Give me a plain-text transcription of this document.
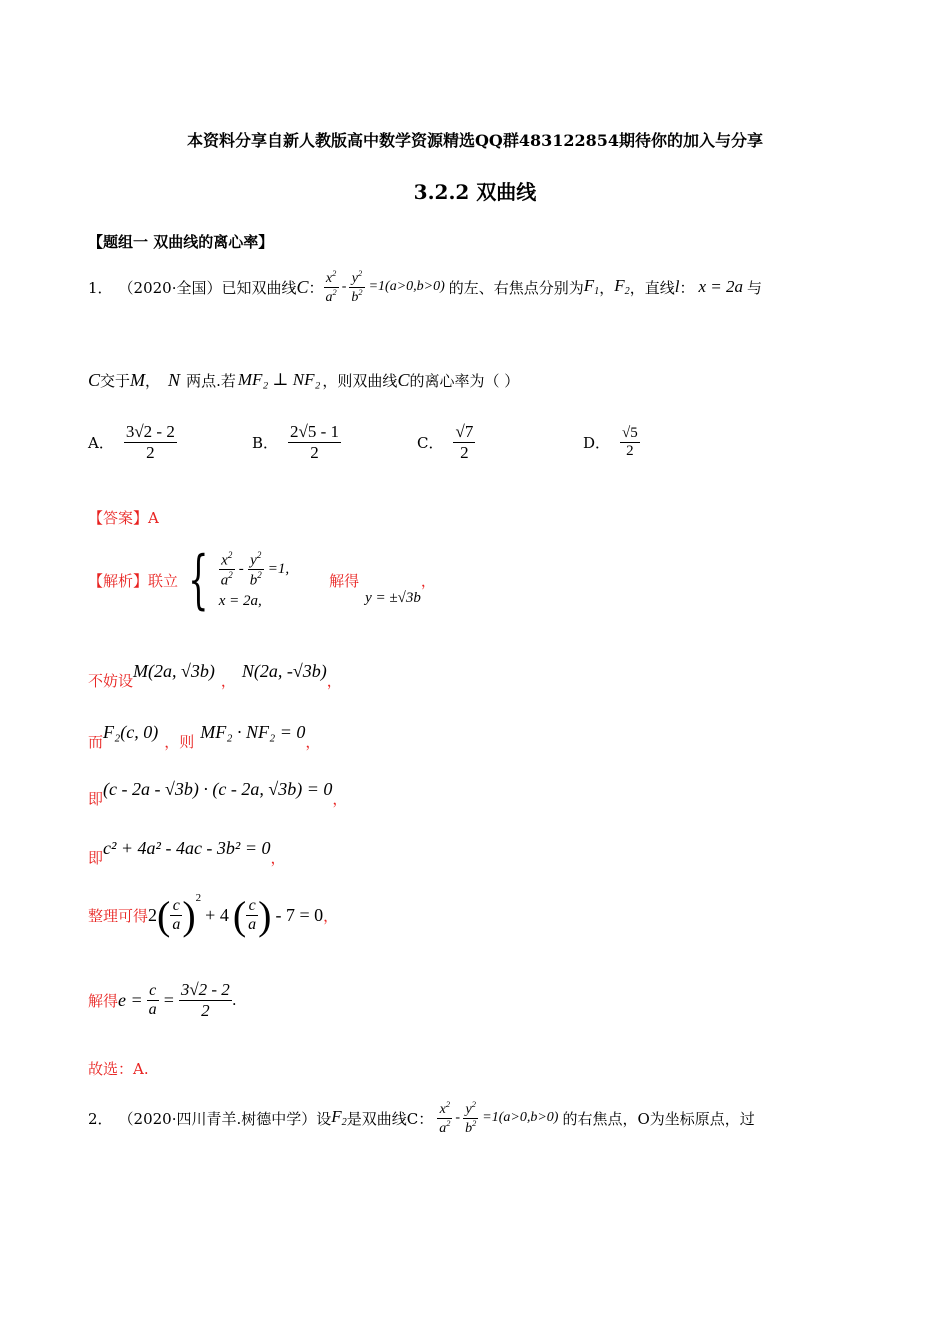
本资料分享自新人教版高中数学资源精选QQ群483122854期待你的加入与分享
3.2.2 双曲线
【题组一 双曲线的离心率】
1． （2020·全国）已知双曲线 C ： $\frac{x^2}{a^2} - \frac{y^2}{b^2} =1$( a >0, b >0) 的左、右焦点分别为 $F_1$ ， $F_2$ ，直线 l ： x = 2a 与
C 交于 M ， N 两点.若 MF₂ ⊥ NF₂ ，则双曲线 C 的离心率为（ ）
A． $\frac{3√2 - 2}{2}$	B． $\frac{2√5 - 1}{2}$	C． $\frac{√7}{2}$	D． $\frac{√5}{2}$
【答案】A
【解析】 联立 { $\frac{x^2}{a^2} - \frac{y^2}{b^2} =1$,
x = 2a,
解得
y = ±√3b
，
不妨设 M(2a, √3b) ， N(2a, -√3b) ，
而 F₂(c, 0) ，则 MF₂ · NF₂ = 0 ，
即 (c - 2a - √3b) · (c - 2a, √3b) = 0 ，
即 c² + 4a² - 4ac - 3b² = 0 ，
整理可得 2 ( $\frac{c}{a} )^2$
+ 4 ( $\frac{c}{a}$ ) - 7 = 0 ，
解得 $e = \frac{c}{a} = \frac{3√2 - 2}{2}$ .
故选：A.
2． （2020·四川青羊.树德中学）设 $F_2$ 是双曲线C： $\frac{x^2}{a^2} - \frac{y^2}{b^2} =1$( a >0, b >0) 的右焦点，O为坐标原点，过
